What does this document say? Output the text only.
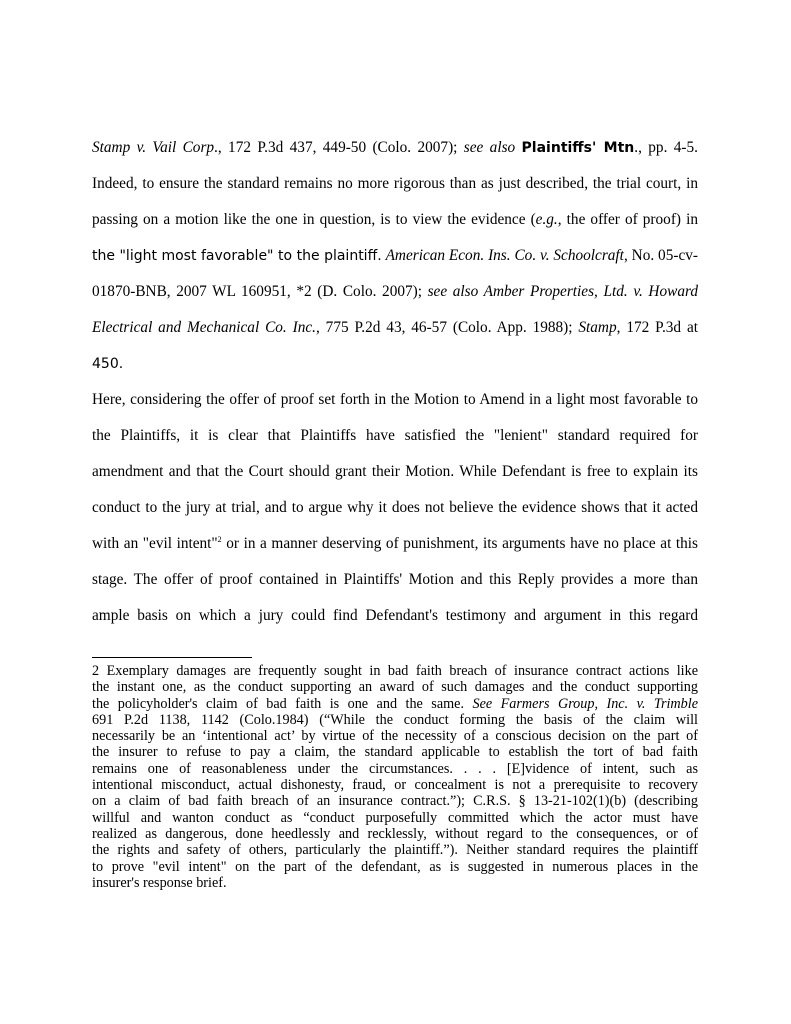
Stamp v. Vail Corp., 172 P.3d 437, 449-50 (Colo. 2007); see also Plaintiffs' Mtn., pp. 4-5.
Indeed, to ensure the standard remains no more rigorous than as just described, the trial court, in
passing on a motion like the one in question, is to view the evidence (e.g., the offer of proof) in
the "light most favorable" to the plaintiff. American Econ. Ins. Co. v. Schoolcraft, No. 05-cv-
01870-BNB, 2007 WL 160951, *2 (D. Colo. 2007); see also Amber Properties, Ltd. v. Howard
Electrical and Mechanical Co. Inc., 775 P.2d 43, 46-57 (Colo. App. 1988); Stamp, 172 P.3d at
450.
Here, considering the offer of proof set forth in the Motion to Amend in a light most favorable to
the Plaintiffs, it is clear that Plaintiffs have satisfied the "lenient" standard required for
amendment and that the Court should grant their Motion. While Defendant is free to explain its
conduct to the jury at trial, and to argue why it does not believe the evidence shows that it acted
with an "evil intent"$^2$ or in a manner deserving of punishment, its arguments have no place at this
stage. The offer of proof contained in Plaintiffs' Motion and this Reply provides a more than
ample basis on which a jury could find Defendant's testimony and argument in this regard
2 Exemplary damages are frequently sought in bad faith breach of insurance contract actions like
the instant one, as the conduct supporting an award of such damages and the conduct supporting
the policyholder's claim of bad faith is one and the same. See Farmers Group, Inc. v. Trimble
691 P.2d 1138, 1142 (Colo.1984) (“While the conduct forming the basis of the claim will
necessarily be an ‘intentional act’ by virtue of the necessity of a conscious decision on the part of
the insurer to refuse to pay a claim, the standard applicable to establish the tort of bad faith
remains one of reasonableness under the circumstances. . . . [E]vidence of intent, such as
intentional misconduct, actual dishonesty, fraud, or concealment is not a prerequisite to recovery
on a claim of bad faith breach of an insurance contract.”); C.R.S. § 13-21-102(1)(b) (describing
willful and wanton conduct as “conduct purposefully committed which the actor must have
realized as dangerous, done heedlessly and recklessly, without regard to the consequences, or of
the rights and safety of others, particularly the plaintiff.”). Neither standard requires the plaintiff
to prove "evil intent" on the part of the defendant, as is suggested in numerous places in the
insurer's response brief.
